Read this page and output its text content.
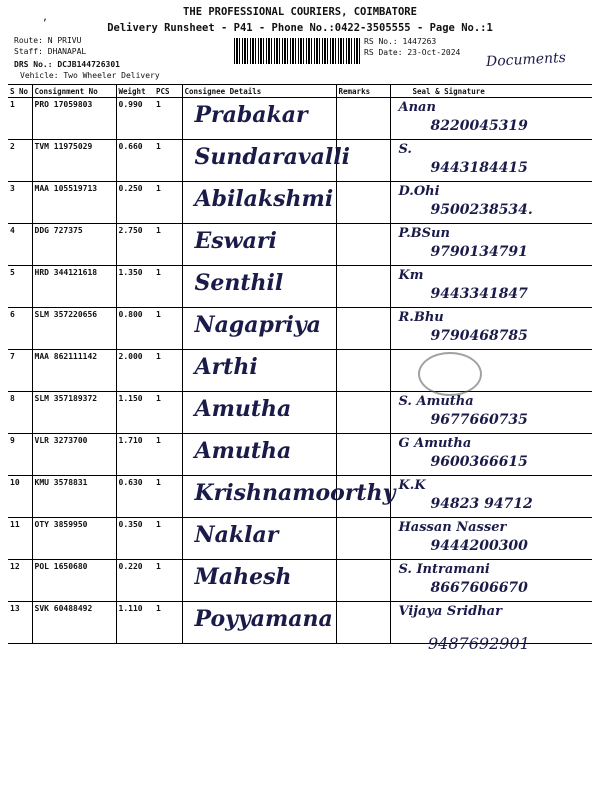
,	THE PROFESSIONAL COURIERS, COIMBATORE
Delivery Runsheet - P41 - Phone No.:0422-3505555 - Page No.:1
Route: N PRIVU
Staff: DHANAPAL
DRS No.: DCJB144726301
Vehicle: Two Wheeler Delivery
RS No.: 1447263
RS Date: 23-Oct-2024 Documents
S No	Consignment No	Weight	PCS	Consignee Details	Remarks	Seal & Signature
1	PRO 17059803	0.990	1	Prabakar		Anan
8220045319

2	TVM 11975029	0.660	1	Sundaravalli		S.
9443184415

3	MAA 105519713	0.250	1	Abilakshmi		D.Ohi
9500238534.

4	DDG 727375	2.750	1	Eswari		P.BSun
9790134791

5	HRD 344121618	1.350	1	Senthil		Km
9443341847

6	SLM 357220656	0.800	1	Nagapriya		R.Bhu
9790468785

7	MAA 862111142	2.000	1	Arthi		

8	SLM 357189372	1.150	1	Amutha		S. Amutha
9677660735

9	VLR 3273700	1.710	1	Amutha		G Amutha
9600366615

10	KMU 3578831	0.630	1	Krishnamoorthy		K.K
94823 94712

11	OTY 3859950	0.350	1	Naklar		Hassan Nasser
9444200300

12	POL 1650680	0.220	1	Mahesh		S. Intramani
8667606670

13	SVK 60488492	1.110	1	Poyyamana		Vijaya Sridhar
9487692901
